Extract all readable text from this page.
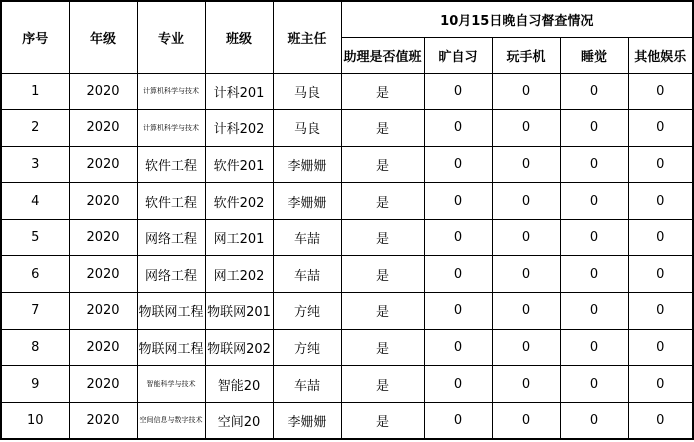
序号	年级	专业	班级	班主任	10月15日晚自习督查情况				
					助理是否值班	旷自习	玩手机	睡觉	其他娱乐
1	2020	计算机科学与技术	计科201	马良	是	0	0	0	0
2	2020	计算机科学与技术	计科202	马良	是	0	0	0	0
3	2020	软件工程	软件201	李姗姗	是	0	0	0	0
4	2020	软件工程	软件202	李姗姗	是	0	0	0	0
5	2020	网络工程	网工201	车喆	是	0	0	0	0
6	2020	网络工程	网工202	车喆	是	0	0	0	0
7	2020	物联网工程	物联网201	方纯	是	0	0	0	0
8	2020	物联网工程	物联网202	方纯	是	0	0	0	0
9	2020	智能科学与技术	智能20	车喆	是	0	0	0	0
10	2020	空间信息与数字技术	空间20	李姗姗	是	0	0	0	0
